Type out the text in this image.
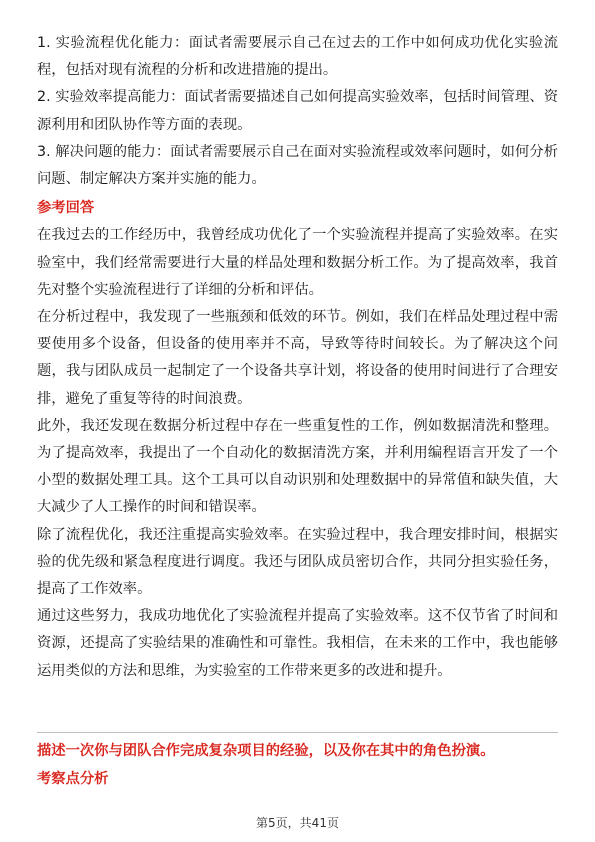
1. 实验流程优化能力：面试者需要展示自己在过去的工作中如何成功优化实验流程，包括对现有流程的分析和改进措施的提出。

2. 实验效率提高能力：面试者需要描述自己如何提高实验效率，包括时间管理、资源利用和团队协作等方面的表现。

3. 解决问题的能力：面试者需要展示自己在面对实验流程或效率问题时，如何分析问题、制定解决方案并实施的能力。

参考回答

在我过去的工作经历中，我曾经成功优化了一个实验流程并提高了实验效率。在实验室中，我们经常需要进行大量的样品处理和数据分析工作。为了提高效率，我首先对整个实验流程进行了详细的分析和评估。

在分析过程中，我发现了一些瓶颈和低效的环节。例如，我们在样品处理过程中需要使用多个设备，但设备的使用率并不高，导致等待时间较长。为了解决这个问题，我与团队成员一起制定了一个设备共享计划，将设备的使用时间进行了合理安排，避免了重复等待的时间浪费。

此外，我还发现在数据分析过程中存在一些重复性的工作，例如数据清洗和整理。为了提高效率，我提出了一个自动化的数据清洗方案，并利用编程语言开发了一个小型的数据处理工具。这个工具可以自动识别和处理数据中的异常值和缺失值，大大减少了人工操作的时间和错误率。

除了流程优化，我还注重提高实验效率。在实验过程中，我合理安排时间，根据实验的优先级和紧急程度进行调度。我还与团队成员密切合作，共同分担实验任务，提高了工作效率。

通过这些努力，我成功地优化了实验流程并提高了实验效率。这不仅节省了时间和资源，还提高了实验结果的准确性和可靠性。我相信，在未来的工作中，我也能够运用类似的方法和思维，为实验室的工作带来更多的改进和提升。

描述一次你与团队合作完成复杂项目的经验，以及你在其中的角色扮演。

考察点分析

第5页，共41页
